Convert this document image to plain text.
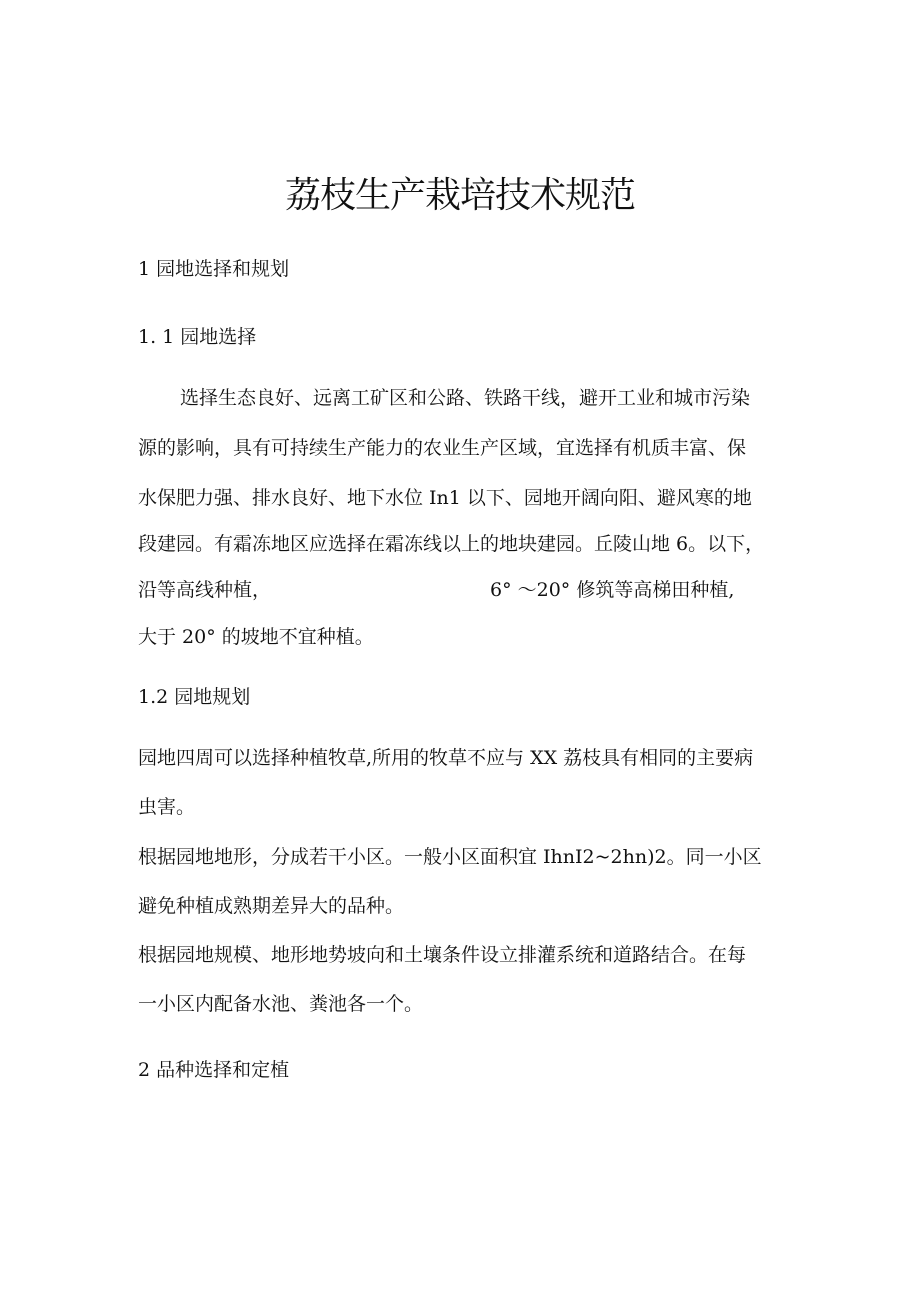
荔枝生产栽培技术规范
1 园地选择和规划
1. 1 园地选择
选择生态良好、远离工矿区和公路、铁路干线，避开工业和城市污染
源的影响，具有可持续生产能力的农业生产区域，宜选择有机质丰富、保
水保肥力强、排水良好、地下水位 In1 以下、园地开阔向阳、避风寒的地
段建园。有霜冻地区应选择在霜冻线以上的地块建园。丘陵山地 6。以下，
沿等高线种植，	6° ～20° 修筑等高梯田种植,
大于 20° 的坡地不宜种植。
1.2 园地规划
园地四周可以选择种植牧草,所用的牧草不应与 XX 荔枝具有相同的主要病
虫害。
根据园地地形，分成若干小区。一般小区面积宜 IhnI2~2hn)2。同一小区
避免种植成熟期差异大的品种。
根据园地规模、地形地势坡向和土壤条件设立排灌系统和道路结合。在每
一小区内配备水池、粪池各一个。
2 品种选择和定植
